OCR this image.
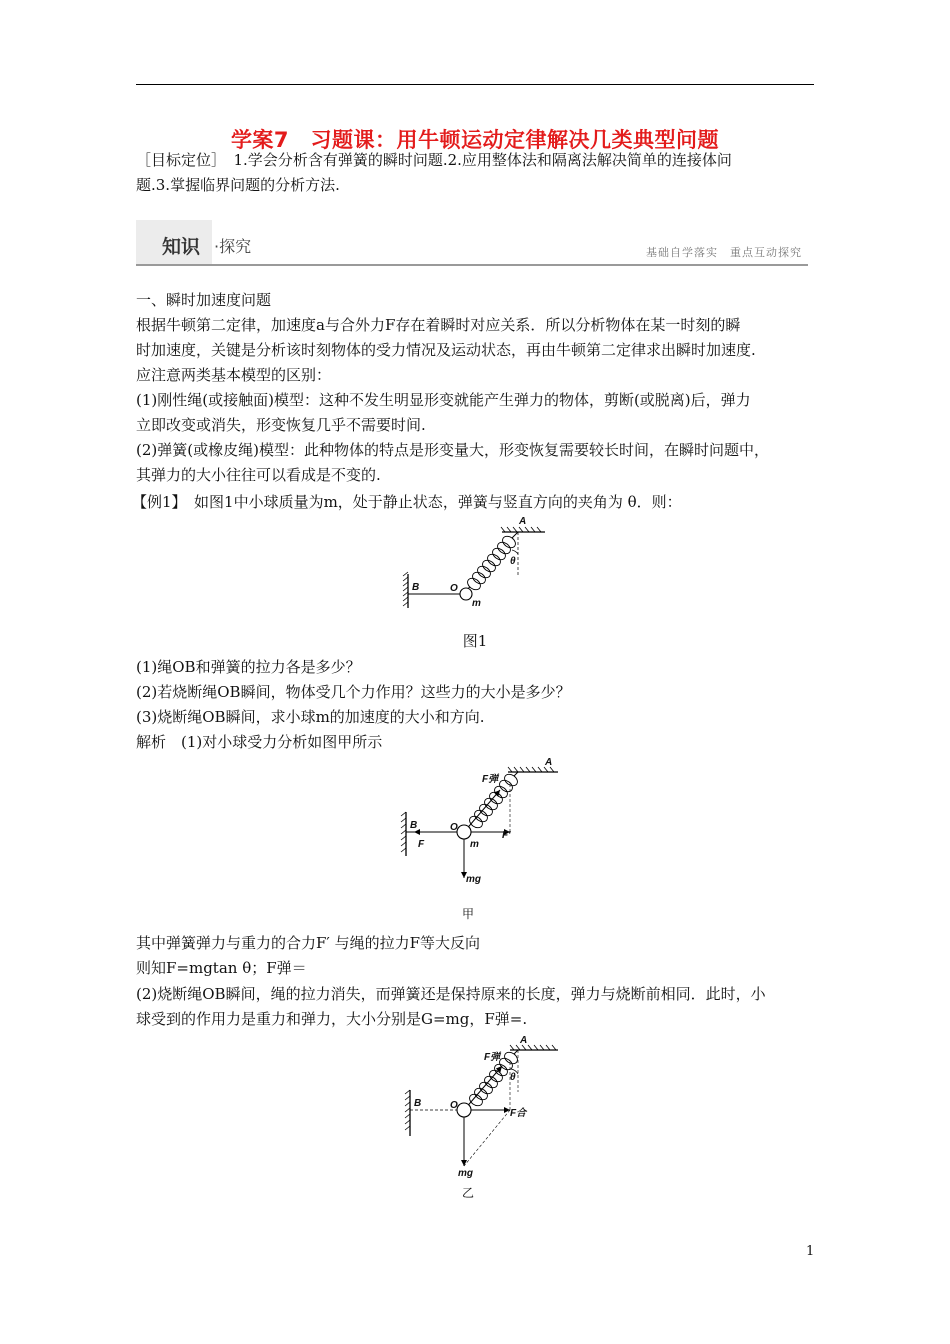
学案7　习题课：用牛顿运动定律解决几类典型问题
［目标定位］　1.学会分析含有弹簧的瞬时问题.2.应用整体法和隔离法解决简单的连接体问
题.3.掌握临界问题的分析方法.
知识 ·探究	基础自学落实　重点互动探究
一、瞬时加速度问题
根据牛顿第二定律，加速度a与合外力F存在着瞬时对应关系．所以分析物体在某一时刻的瞬
时加速度，关键是分析该时刻物体的受力情况及运动状态，再由牛顿第二定律求出瞬时加速度.
应注意两类基本模型的区别：
(1)刚性绳(或接触面)模型：这种不发生明显形变就能产生弹力的物体，剪断(或脱离)后，弹力
立即改变或消失，形变恢复几乎不需要时间.
(2)弹簧(或橡皮绳)模型：此种物体的特点是形变量大，形变恢复需要较长时间，在瞬时问题中，
其弹力的大小往往可以看成是不变的.
【例1】　如图1中小球质量为m，处于静止状态，弹簧与竖直方向的夹角为 θ．则：
B	O
m
A
θ
图1
(1)绳OB和弹簧的拉力各是多少？
(2)若烧断绳OB瞬间，物体受几个力作用？这些力的大小是多少？
(3)烧断绳OB瞬间，求小球m的加速度的大小和方向.
解析　(1)对小球受力分析如图甲所示
B
F
O
m
F′
F弹
mg
A
甲
其中弹簧弹力与重力的合力F′ 与绳的拉力F等大反向
则知F=mgtan θ；F弹＝
(2)烧断绳OB瞬间，绳的拉力消失，而弹簧还是保持原来的长度，弹力与烧断前相同．此时，小
球受到的作用力是重力和弹力，大小分别是G=mg，F弹=.
B	O
F合
F弹
θ
mg
A
乙
1
